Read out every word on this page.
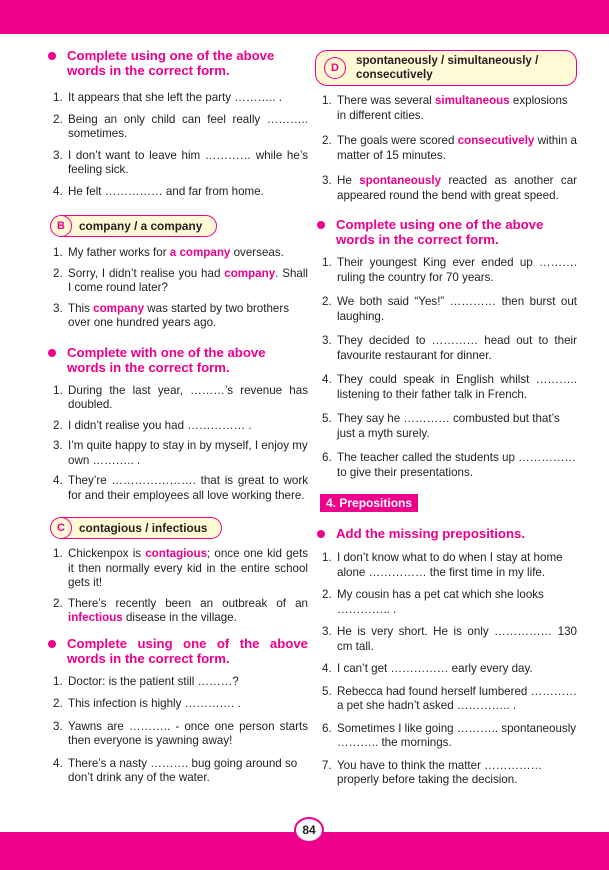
Complete using one of the above words in the correct form.
1. It appears that she left the party ……….. .
2. Being an only child can feel really ……….. sometimes.
3. I don’t want to leave him ………… while he’s feeling sick.
4. He felt …………… and far from home.
B	company / a company
1. My father works for a company overseas.
2. Sorry, I didn’t realise you had company. Shall I come round later?
3. This company was started by two brothers over one hundred years ago.
Complete with one of the above words in the correct form.
1. During the last year, ………’s revenue has doubled.
2. I didn’t realise you had …………… .
3. I’m quite happy to stay in by myself, I enjoy my own ……….. .
4. They’re …………………. that is great to work for and their employees all love working there.
C	contagious / infectious
1. Chickenpox is contagious; once one kid gets it then normally every kid in the entire school gets it!
2. There’s recently been an outbreak of an infectious disease in the village.
Complete using one of the above words in the correct form.
1. Doctor: is the patient still ………?
2. This infection is highly …………. .
3. Yawns are ……….. - once one person starts then everyone is yawning away!
4. There’s a nasty ………. bug going around so don’t drink any of the water.
D
spontaneously / simultaneously / consecutively
1. There was several simultaneous explosions in different cities.
2. The goals were scored consecutively within a matter of 15 minutes.
3. He spontaneously reacted as another car appeared round the bend with great speed.
Complete using one of the above words in the correct form.
1. Their youngest King ever ended up ………. ruling the country for 70 years.
2. We both said “Yes!” ………… then burst out laughing.
3. They decided to ………… head out to their favourite restaurant for dinner.
4. They could speak in English whilst ……….. listening to their father talk in French.
5. They say he ………… combusted but that’s just a myth surely.
6. The teacher called the students up …………… to give their presentations.
4. Prepositions
Add the missing prepositions.
1. I don’t know what to do when I stay at home alone …………… the first time in my life.
2. My cousin has a pet cat which she looks ………….. .
3. He is very short. He is only …………… 130 cm tall.
4. I can’t get …………… early every day.
5. Rebecca had found herself lumbered ………… a pet she hadn’t asked ………….. .
6. Sometimes I like going ……….. spontaneously ……….. the mornings.
7. You have to think the matter …………… properly before taking the decision.
84
